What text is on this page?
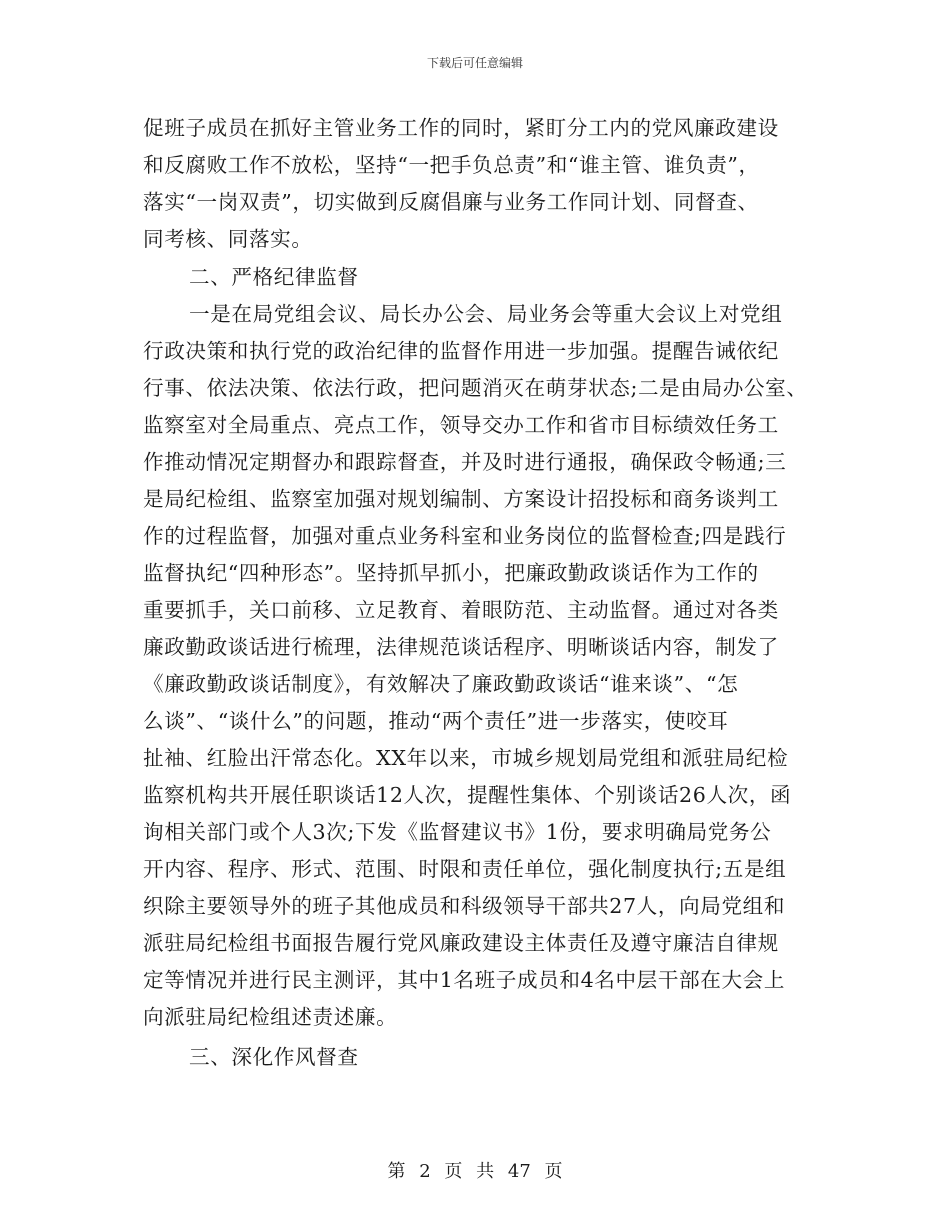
下载后可任意编辑
促班子成员在抓好主管业务工作的同时，紧盯分工内的党风廉政建设
和反腐败工作不放松，坚持“一把手负总责”和“谁主管、谁负责”，
落实“一岗双责”，切实做到反腐倡廉与业务工作同计划、同督查、
同考核、同落实。
二、严格纪律监督
一是在局党组会议、局长办公会、局业务会等重大会议上对党组
行政决策和执行党的政治纪律的监督作用进一步加强。提醒告诫依纪
行事、依法决策、依法行政，把问题消灭在萌芽状态;二是由局办公室、
监察室对全局重点、亮点工作，领导交办工作和省市目标绩效任务工
作推动情况定期督办和跟踪督查，并及时进行通报，确保政令畅通;三
是局纪检组、监察室加强对规划编制、方案设计招投标和商务谈判工
作的过程监督，加强对重点业务科室和业务岗位的监督检查;四是践行
监督执纪“四种形态”。坚持抓早抓小，把廉政勤政谈话作为工作的
重要抓手，关口前移、立足教育、着眼防范、主动监督。通过对各类
廉政勤政谈话进行梳理，法律规范谈话程序、明晰谈话内容，制发了
《廉政勤政谈话制度》，有效解决了廉政勤政谈话“谁来谈”、“怎
么谈”、“谈什么”的问题，推动“两个责任”进一步落实，使咬耳
扯袖、红脸出汗常态化。XX年以来，市城乡规划局党组和派驻局纪检
监察机构共开展任职谈话12人次，提醒性集体、个别谈话26人次，函
询相关部门或个人3次;下发《监督建议书》1份，要求明确局党务公
开内容、程序、形式、范围、时限和责任单位，强化制度执行;五是组
织除主要领导外的班子其他成员和科级领导干部共27人，向局党组和
派驻局纪检组书面报告履行党风廉政建设主体责任及遵守廉洁自律规
定等情况并进行民主测评，其中1名班子成员和4名中层干部在大会上
向派驻局纪检组述责述廉。
三、深化作风督查
第 2 页 共 47 页
